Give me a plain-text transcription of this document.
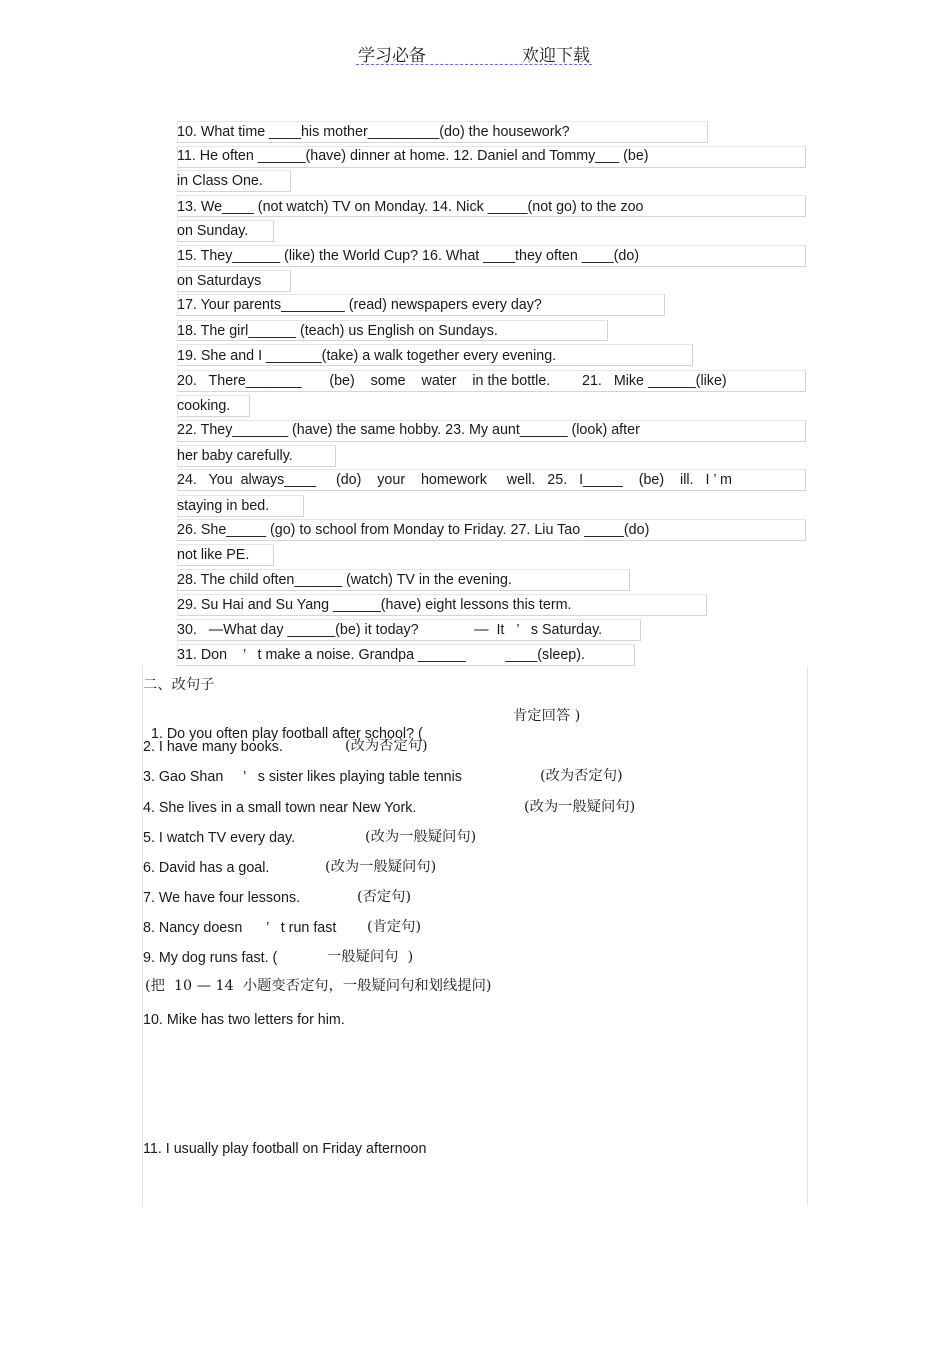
学习必备	欢迎下载
10. What time ____his mother_________(do) the housework?
11. He often ______(have) dinner at home. 12. Daniel and Tommy___ (be)
in Class One.
13. We____ (not watch) TV on Monday. 14. Nick _____(not go) to the zoo
on Sunday.
15. They______ (like) the World Cup? 16. What ____they often ____(do)
on Saturdays
17. Your parents________ (read) newspapers every day?
18. The girl______ (teach) us English on Sundays.
19. She and I _______(take) a walk together every evening.
20.   There_______       (be)    some    water    in the bottle.        21.   Mike ______(like)
cooking.
22. They_______ (have) the same hobby. 23. My aunt______ (look) after
her baby carefully.
24.   You  always____     (do)    your    homework     well.   25.   I_____    (be)    ill.   I ’ m
staying in bed.
26. She_____ (go) to school from Monday to Friday. 27. Liu Tao _____(do)
not like PE.
28. The child often______ (watch) TV in the evening.
29. Su Hai and Su Yang ______(have) eight lessons this term.
30.   —What day ______(be) it today?              —  It   ’   s Saturday.
31. Don    ’   t make a noise. Grandpa ______          ____(sleep).
二、改句子

1. Do you often play football after school? (

肯定回答 )
2. I have many books.	(改为否定句)
3. Gao Shan     ’   s sister likes playing table tennis	(改为否定句)
4. She lives in a small town near New York.	(改为一般疑问句)
5. I watch TV every day.	(改为一般疑问句)
6. David has a goal.	(改为一般疑问句)
7. We have four lessons.	(否定句)
8. Nancy doesn      ’   t run fast (肯定句)
9. My dog runs fast. (	一般疑问句  )
(把  10 — 14  小题变否定句，一般疑问句和划线提问)
10. Mike has two letters for him.
11. I usually play football on Friday afternoon
